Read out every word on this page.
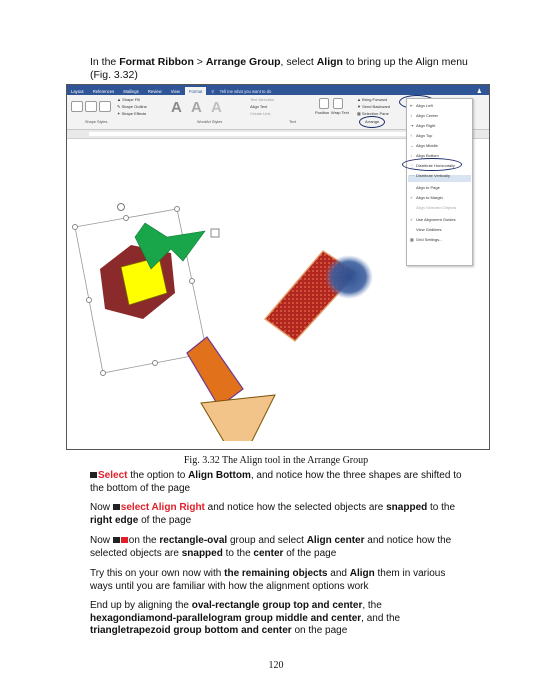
In the Format Ribbon > Arrange Group, select Align to bring up the Align menu (Fig. 3.32)
Layout References Mailings Review View Format ⚲ Tell me what you want to do	♟
▲ Shape Fill
✎ Shape Outline
✦ Shape Effects A A A	Text Direction
Align Text
Create Link	Position Wrap Text
▲ Bring Forward
▼ Send Backward
▦ Selection Pane
Arrange
Shape Styles	WordArt Styles	Text
⇤ Align Left
↕ Align Center
⇥ Align Right
↑ Align Top
↔ Align Middle
↓ Align Bottom
⋮ Distribute Horizontally
⋯ Distribute Vertically
Align to Page
✓ Align to Margin
Align Selected Objects
✓ Use Alignment Guides
View Gridlines
▦ Grid Settings...
Fig. 3.32 The Align tool in the Arrange Group
Select the option to Align Bottom, and notice how the three shapes are shifted to the bottom of the page
Now select Align Right and notice how the selected objects are snapped to the right edge of the page
Now on the rectangle-oval group and select Align center and notice how the selected objects are snapped to the center of the page
Try this on your own now with the remaining objects and Align them in various ways until you are familiar with how the alignment options work
End up by aligning the oval-rectangle group top and center, the hexagondiamond-parallelogram group middle and center, and the triangletrapezoid group bottom and center on the page
120
